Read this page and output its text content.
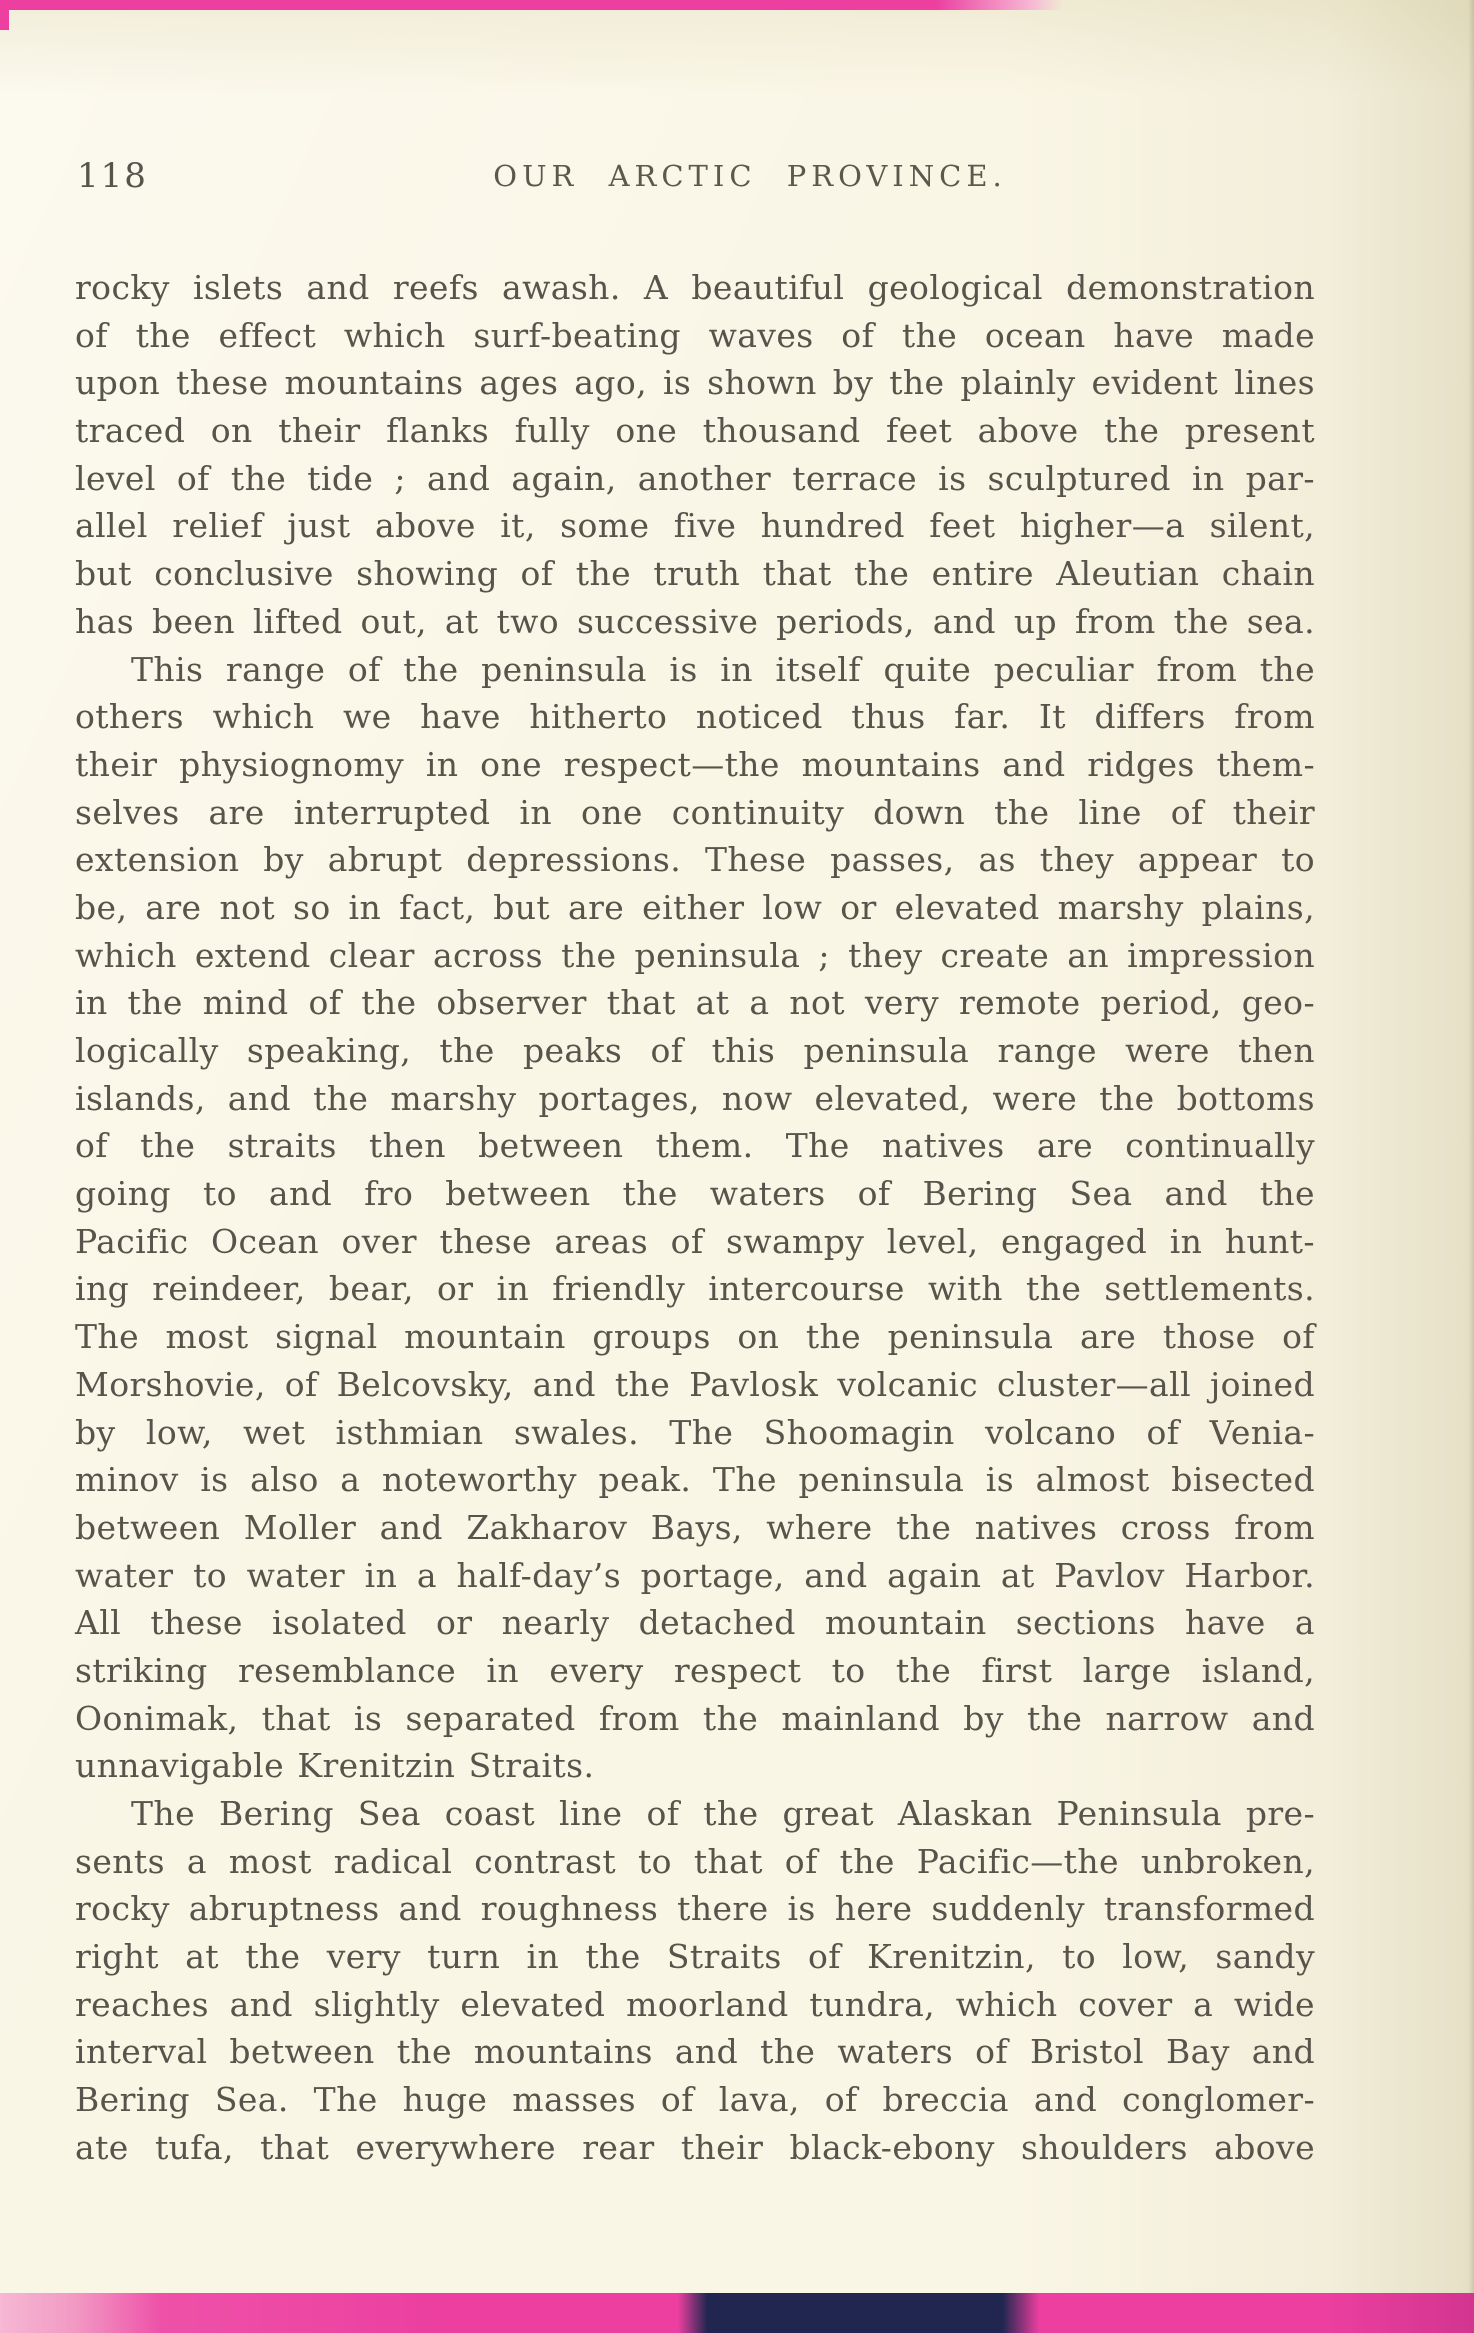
118	OUR ARCTIC PROVINCE.
rocky islets and reefs awash. A beautiful geological demonstration
of the effect which surf-beating waves of the ocean have made
upon these mountains ages ago, is shown by the plainly evident lines
traced on their flanks fully one thousand feet above the present
level of the tide ; and again, another terrace is sculptured in par-
allel relief just above it, some five hundred feet higher—a silent,
but conclusive showing of the truth that the entire Aleutian chain
has been lifted out, at two successive periods, and up from the sea.
This range of the peninsula is in itself quite peculiar from the
others which we have hitherto noticed thus far. It differs from
their physiognomy in one respect—the mountains and ridges them-
selves are interrupted in one continuity down the line of their
extension by abrupt depressions. These passes, as they appear to
be, are not so in fact, but are either low or elevated marshy plains,
which extend clear across the peninsula ; they create an impression
in the mind of the observer that at a not very remote period, geo-
logically speaking, the peaks of this peninsula range were then
islands, and the marshy portages, now elevated, were the bottoms
of the straits then between them. The natives are continually
going to and fro between the waters of Bering Sea and the
Pacific Ocean over these areas of swampy level, engaged in hunt-
ing reindeer, bear, or in friendly intercourse with the settlements.
The most signal mountain groups on the peninsula are those of
Morshovie, of Belcovsky, and the Pavlosk volcanic cluster—all joined
by low, wet isthmian swales. The Shoomagin volcano of Venia-
minov is also a noteworthy peak. The peninsula is almost bisected
between Moller and Zakharov Bays, where the natives cross from
water to water in a half-day’s portage, and again at Pavlov Harbor.
All these isolated or nearly detached mountain sections have a
striking resemblance in every respect to the first large island,
Oonimak, that is separated from the mainland by the narrow and
unnavigable Krenitzin Straits.
The Bering Sea coast line of the great Alaskan Peninsula pre-
sents a most radical contrast to that of the Pacific—the unbroken,
rocky abruptness and roughness there is here suddenly transformed
right at the very turn in the Straits of Krenitzin, to low, sandy
reaches and slightly elevated moorland tundra, which cover a wide
interval between the mountains and the waters of Bristol Bay and
Bering Sea. The huge masses of lava, of breccia and conglomer-
ate tufa, that everywhere rear their black-ebony shoulders above
